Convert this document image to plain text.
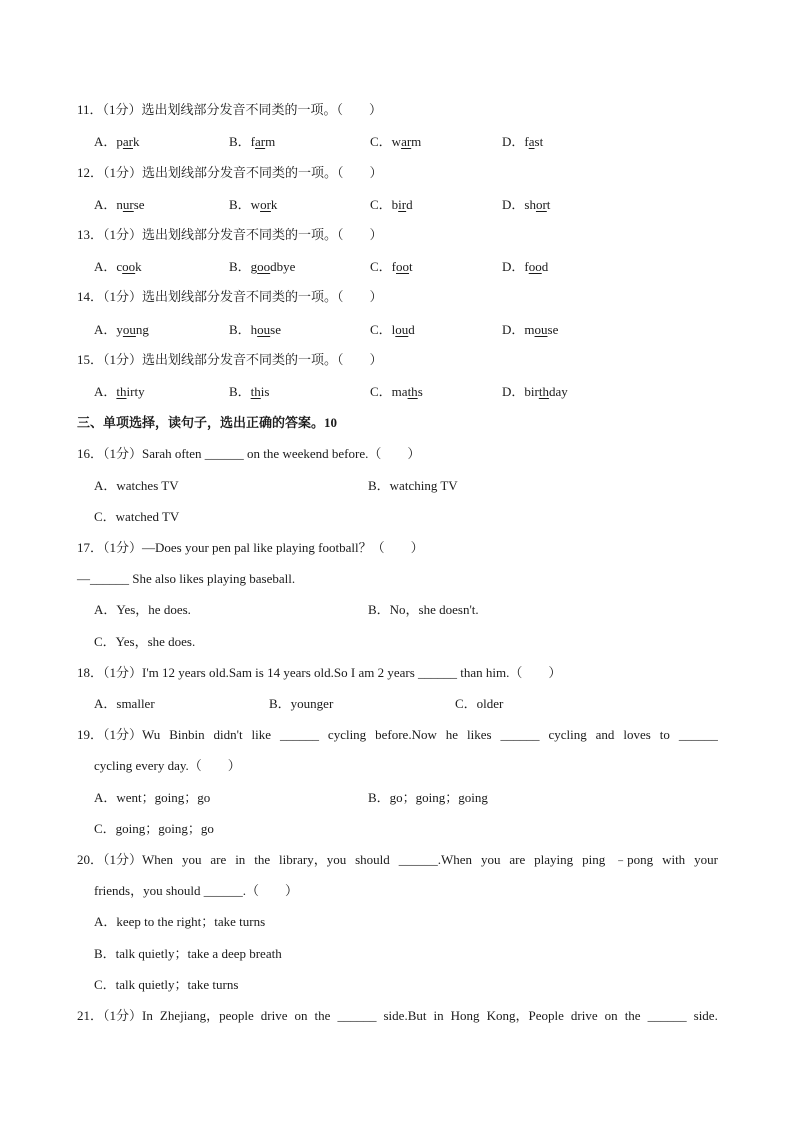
11．（1分）选出划线部分发音不同类的一项。（　　）
A．park	B．farm	C．warm	D．fast
12．（1分）选出划线部分发音不同类的一项。（　　）
A．nurse	B．work	C．bird	D．short
13．（1分）选出划线部分发音不同类的一项。（　　）
A．cook	B．goodbye	C．foot	D．food
14．（1分）选出划线部分发音不同类的一项。（　　）
A．young	B．house	C．loud	D．mouse
15．（1分）选出划线部分发音不同类的一项。（　　）
A．thirty	B．this	C．maths	D．birthday
三、单项选择，读句子，选出正确的答案。10
16．（1分）Sarah often ______ on the weekend before.（　　）
A．watches TV	B．watching TV
C．watched TV
17．（1分）—Does your pen pal like playing football？（　　）
—______ She also likes playing baseball.
A．Yes，he does.	B．No，she doesn't.
C．Yes，she does.
18．（1分）I'm 12 years old.Sam is 14 years old.So I am 2 years ______ than him.（　　）
A．smaller	B．younger	C．older
19．（1分）Wu Binbin didn't like ______ cycling before.Now he likes ______ cycling and loves to ______
cycling every day.（　　）
A．went；going；go	B．go；going；going
C．going；going；go
20．（1分）When you are in the library，you should ______.When you are playing ping ﹣pong with your
friends，you should ______.（　　）
A．keep to the right；take turns
B．talk quietly；take a deep breath
C．talk quietly；take turns
21．（1分）In Zhejiang，people drive on the ______ side.But in Hong Kong，People drive on the ______ side.
